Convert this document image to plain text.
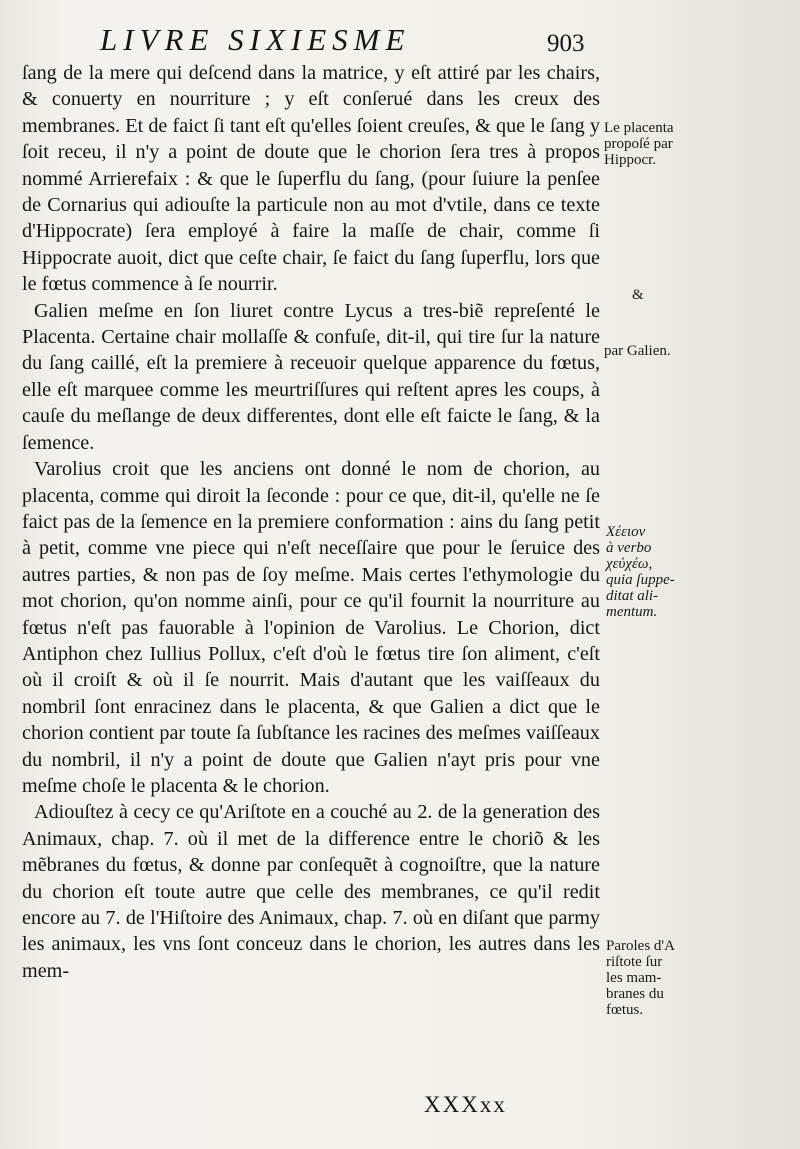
LIVRE SIXIESME	903

ſang de la mere qui deſcend dans la matrice, y eſt attiré par les chairs, & conuerty en nourriture ; y eſt conſerué dans les creux des membranes. Et de faict ſi tant eſt qu'elles ſoient creuſes, & que le ſang y ſoit receu, il n'y a point de doute que le chorion ſera tres à propos nommé Arrierefaix : & que le ſuperflu du ſang, (pour ſuiure la penſee de Cornarius qui adiouſte la particule non au mot d'vtile, dans ce texte d'Hippocrate) ſera employé à faire la maſſe de chair, comme ſi Hippocrate auoit, dict que ceſte chair, ſe faict du ſang ſuperflu, lors que le fœtus commence à ſe nourrir.

Galien meſme en ſon liuret contre Lycus a tres-biẽ repreſenté le Placenta. Certaine chair mollaſſe & confuſe, dit-il, qui tire ſur la nature du ſang caillé, eſt la premiere à receuoir quelque apparence du fœtus, elle eſt marquee comme les meurtriſſures qui reſtent apres les coups, à cauſe du meſlange de deux differentes, dont elle eſt faicte le ſang, & la ſemence.

Varolius croit que les anciens ont donné le nom de chorion, au placenta, comme qui diroit la ſeconde : pour ce que, dit-il, qu'elle ne ſe faict pas de la ſemence en la premiere conformation : ains du ſang petit à petit, comme vne piece qui n'eſt neceſſaire que pour le ſeruice des autres parties, & non pas de ſoy meſme. Mais certes l'ethymologie du mot chorion, qu'on nomme ainſi, pour ce qu'il fournit la nourriture au fœtus n'eſt pas fauorable à l'opinion de Varolius. Le Chorion, dict Antiphon chez Iullius Pollux, c'eſt d'où le fœtus tire ſon aliment, c'eſt où il croiſt & où il ſe nourrit. Mais d'autant que les vaiſſeaux du nombril ſont enracinez dans le placenta, & que Galien a dict que le chorion contient par toute ſa ſubſtance les racines des meſmes vaiſſeaux du nombril, il n'y a point de doute que Galien n'ayt pris pour vne meſme choſe le placenta & le chorion.

Adiouſtez à cecy ce qu'Ariſtote en a couché au 2. de la generation des Animaux, chap. 7. où il met de la difference entre le choriõ & les mẽbranes du fœtus, & donne par conſequẽt à cognoiſtre, que la nature du chorion eſt toute autre que celle des membranes, ce qu'il redit encore au 7. de l'Hiſtoire des Animaux, chap. 7. où en diſant que parmy les animaux, les vns ſont conceuz dans le chorion, les autres dans les mem-

Le placenta
propoſé par
Hippocr.
&
par Galien.
Χέειον
à verbo
χεὐχέω,
quia ſuppe-
ditat ali-
mentum.
Paroles d'A
riſtote ſur
les mam-
branes du
fœtus.
XXXxx
